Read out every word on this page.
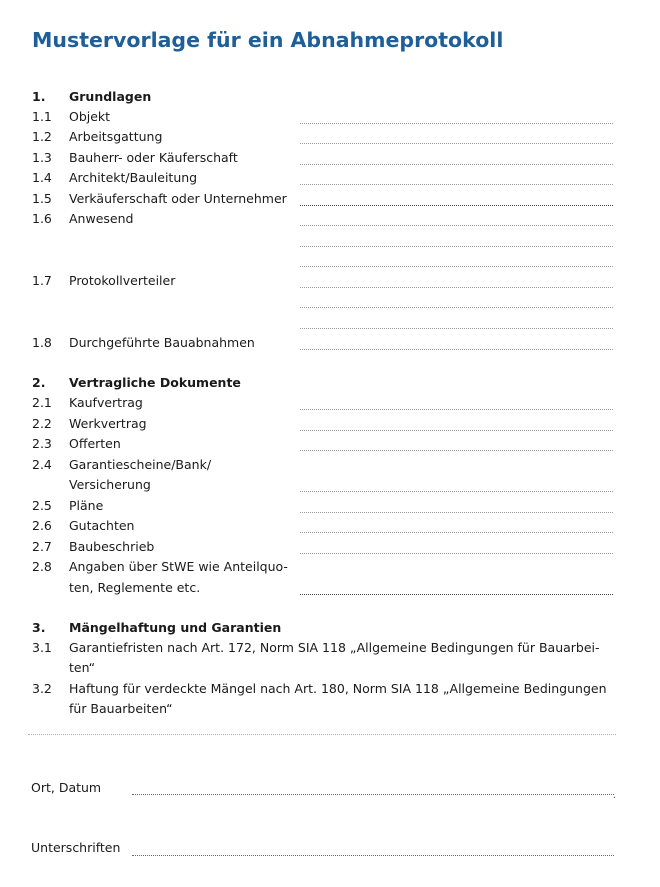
Mustervorlage für ein Abnahmeprotokoll
1. Grundlagen
1.1 Objekt
1.2 Arbeitsgattung
1.3 Bauherr- oder Käuferschaft
1.4 Architekt/Bauleitung
1.5 Verkäuferschaft oder Unternehmer
1.6 Anwesend
1.7 Protokollverteiler
1.8 Durchgeführte Bauabnahmen
2. Vertragliche Dokumente
2.1 Kaufvertrag
2.2 Werkvertrag
2.3 Offerten
2.4 Garantiescheine/Bank/
Versicherung
2.5 Pläne
2.6 Gutachten
2.7 Baubeschrieb
2.8 Angaben über StWE wie Anteilquo-
ten, Reglemente etc.
3. Mängelhaftung und Garantien
3.1 Garantiefristen nach Art. 172, Norm SIA 118 „Allgemeine Bedingungen für Bauarbei-
ten“
3.2 Haftung für verdeckte Mängel nach Art. 180, Norm SIA 118 „Allgemeine Bedingungen
für Bauarbeiten“
Ort, Datum
.
Unterschriften
